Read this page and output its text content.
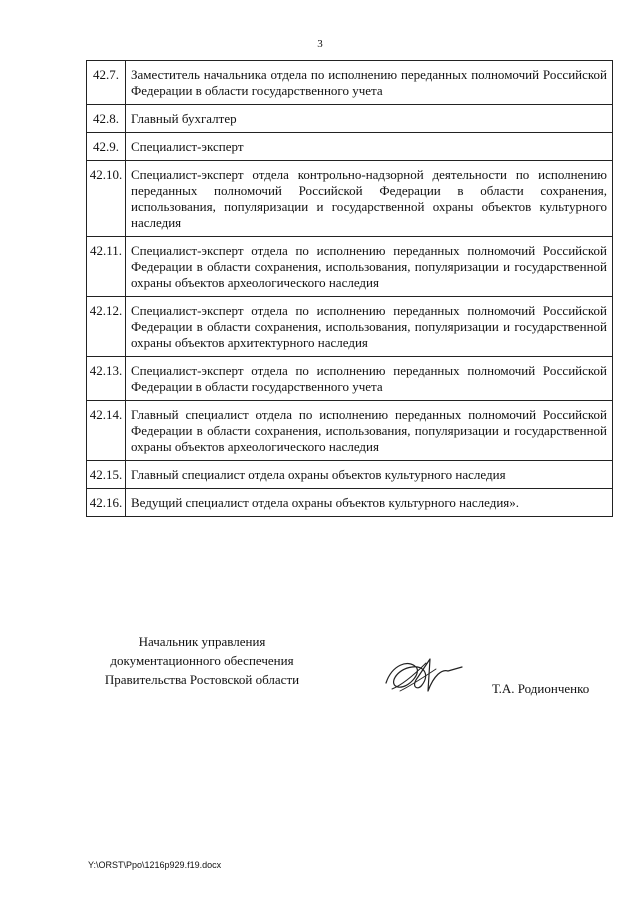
3
42.7.	Заместитель начальника отдела по исполнению переданных полномочий Российской Федерации в области государственного учета
42.8.	Главный бухгалтер
42.9.	Специалист-эксперт
42.10.	Специалист-эксперт отдела контрольно-надзорной деятельности по исполнению переданных полномочий Российской Федерации в области сохранения, использования, популяризации и государственной охраны объектов культурного наследия
42.11.	Специалист-эксперт отдела по исполнению переданных полномочий Российской Федерации в области сохранения, использования, популяризации и государственной охраны объектов археологического наследия
42.12.	Специалист-эксперт отдела по исполнению переданных полномочий Российской Федерации в области сохранения, использования, популяризации и государственной охраны объектов архитектурного наследия
42.13.	Специалист-эксперт отдела по исполнению переданных полномочий Российской Федерации в области государственного учета
42.14.	Главный специалист отдела по исполнению переданных полномочий Российской Федерации в области сохранения, использования, популяризации и государственной охраны объектов археологического наследия
42.15.	Главный специалист отдела охраны объектов культурного наследия
42.16.	Ведущий специалист отдела охраны объектов культурного наследия».
Начальник управления
документационного обеспечения
Правительства Ростовской области
Т.А. Родионченко
Y:\ORST\Ppo\1216p929.f19.docx
